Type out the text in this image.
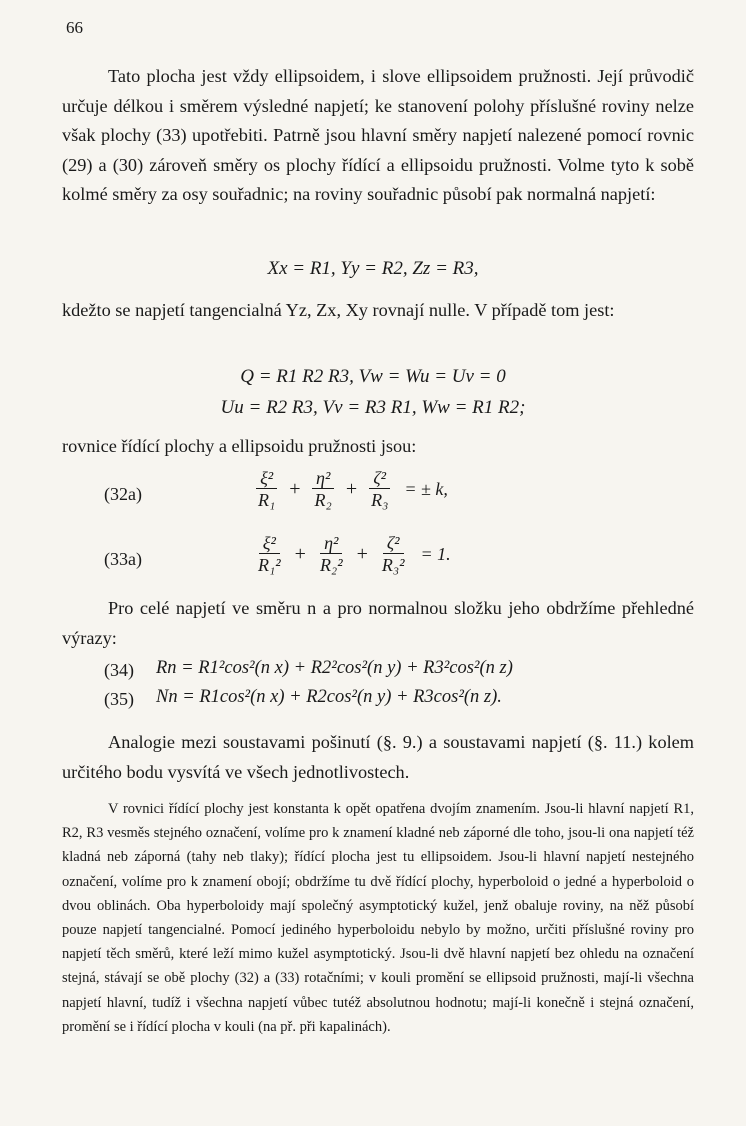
66

Tato plocha jest vždy ellipsoidem, i slove ellipsoidem pružnosti. Její průvodič určuje délkou i směrem výsledné napjetí; ke stanovení polohy příslušné roviny nelze však plochy (33) upotřebiti. Patrně jsou hlavní směry napjetí nalezené pomocí rovnic (29) a (30) zároveň směry os plochy řídící a ellipsoidu pružnosti. Volme tyto k sobě kolmé směry za osy souřadnic; na roviny souřadnic působí pak normalná napjetí:

Xx = R1, Yy = R2, Zz = R3,

kdežto se napjetí tangencialná Yz, Zx, Xy rovnají nulle. V případě tom jest:

Q = R1 R2 R3, Vw = Wu = Uv = 0
Uu = R2 R3, Vv = R3 R1, Ww = R1 R2;

rovnice řídící plochy a ellipsoidu pružnosti jsou:

(32a)	$\frac{\text{ξ²}}{\text{R₁}} + \frac{\text{η²}}{\text{R₂}} + \frac{\text{ζ²}}{\text{R₃}}$ = ± k,
(33a)	$\frac{\text{ξ²}}{\text{R₁²}} + \frac{\text{η²}}{\text{R₂²}} + \frac{\text{ζ²}}{\text{R₃²}} = 1$.

Pro celé napjetí ve směru n a pro normalnou složku jeho obdržíme přehledné výrazy:

(34) Rn = R1²cos²(n x) + R2²cos²(n y) + R3²cos²(n z)
(35) Nn = R1cos²(n x) + R2cos²(n y) + R3cos²(n z).

Analogie mezi soustavami pošinutí (§. 9.) a soustavami napjetí (§. 11.) kolem určitého bodu vysvítá ve všech jednotlivostech.

V rovnici řídící plochy jest konstanta k opět opatřena dvojím znamením. Jsou-li hlavní napjetí R1, R2, R3 vesměs stejného označení, volíme pro k znamení kladné neb záporné dle toho, jsou-li ona napjetí též kladná neb záporná (tahy neb tlaky); řídící plocha jest tu ellipsoidem. Jsou-li hlavní napjetí nestejného označení, volíme pro k znamení obojí; obdržíme tu dvě řídící plochy, hyperboloid o jedné a hyperboloid o dvou oblinách. Oba hyperboloidy mají společný asymptotický kužel, jenž obaluje roviny, na něž působí pouze napjetí tangencialné. Pomocí jediného hyperboloidu nebylo by možno, určiti příslušné roviny pro napjetí těch směrů, které leží mimo kužel asymptotický. Jsou-li dvě hlavní napjetí bez ohledu na označení stejná, stávají se obě plochy (32) a (33) rotačními; v kouli promění se ellipsoid pružnosti, mají-li všechna napjetí hlavní, tudíž i všechna napjetí vůbec tutéž absolutnou hodnotu; mají-li konečně i stejná označení, promění se i řídící plocha v kouli (na př. při kapalinách).
